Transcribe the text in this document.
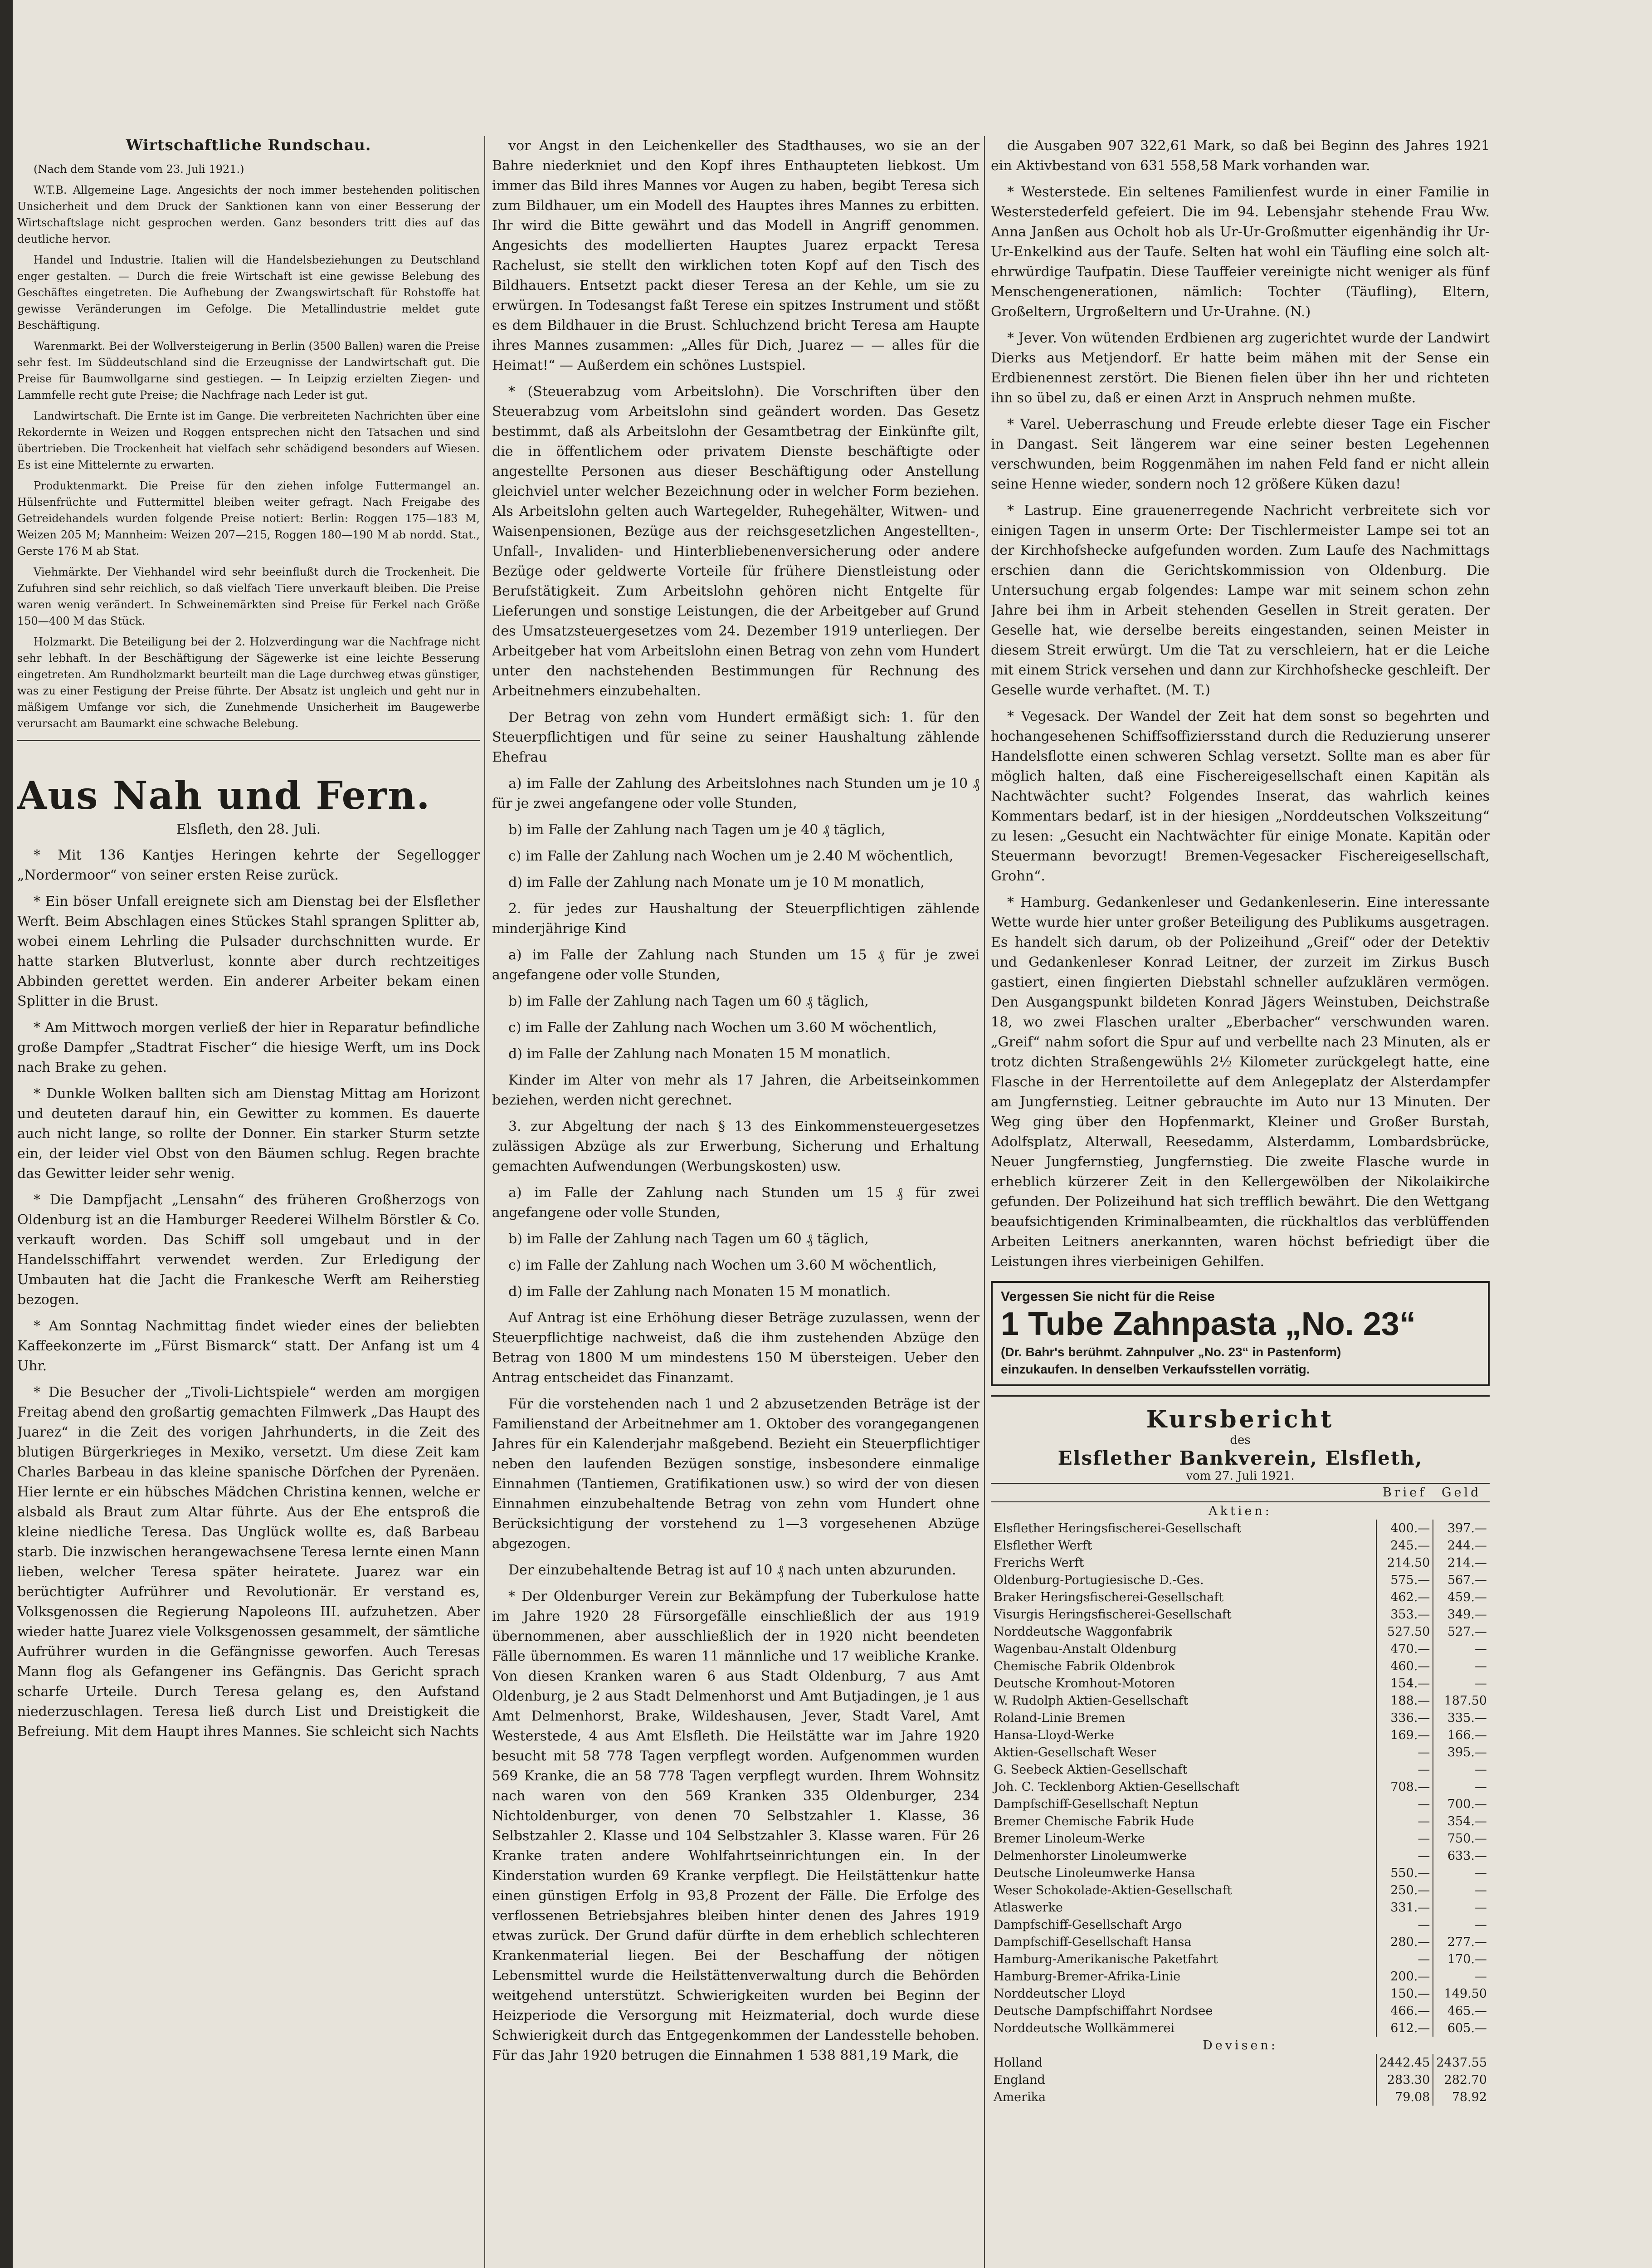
Wirtschaftliche Rundschau.

(Nach dem Stande vom 23. Juli 1921.)

W.T.B. Allgemeine Lage. Angesichts der noch immer bestehenden politischen Unsicherheit und dem Druck der Sanktionen kann von einer Besserung der Wirtschaftslage nicht gesprochen werden. Ganz besonders tritt dies auf das deutliche hervor.

Handel und Industrie. Italien will die Handelsbeziehungen zu Deutschland enger gestalten. — Durch die freie Wirtschaft ist eine gewisse Belebung des Geschäftes eingetreten. Die Aufhebung der Zwangswirtschaft für Rohstoffe hat gewisse Veränderungen im Gefolge. Die Metallindustrie meldet gute Beschäftigung.

Warenmarkt. Bei der Wollversteigerung in Berlin (3500 Ballen) waren die Preise sehr fest. Im Süddeutschland sind die Erzeugnisse der Landwirtschaft gut. Die Preise für Baumwollgarne sind gestiegen. — In Leipzig erzielten Ziegen- und Lammfelle recht gute Preise; die Nachfrage nach Leder ist gut.

Landwirtschaft. Die Ernte ist im Gange. Die verbreiteten Nachrichten über eine Rekordernte in Weizen und Roggen entsprechen nicht den Tatsachen und sind übertrieben. Die Trockenheit hat vielfach sehr schädigend besonders auf Wiesen. Es ist eine Mittelernte zu erwarten.

Produktenmarkt. Die Preise für den ziehen infolge Futtermangel an. Hülsenfrüchte und Futtermittel bleiben weiter gefragt. Nach Freigabe des Getreidehandels wurden folgende Preise notiert: Berlin: Roggen 175—183 M, Weizen 205 M; Mannheim: Weizen 207—215, Roggen 180—190 M ab nordd. Stat., Gerste 176 M ab Stat.

Viehmärkte. Der Viehhandel wird sehr beeinflußt durch die Trockenheit. Die Zufuhren sind sehr reichlich, so daß vielfach Tiere unverkauft bleiben. Die Preise waren wenig verändert. In Schweinemärkten sind Preise für Ferkel nach Größe 150—400 M das Stück.

Holzmarkt. Die Beteiligung bei der 2. Holzverdingung war die Nachfrage nicht sehr lebhaft. In der Beschäftigung der Sägewerke ist eine leichte Besserung eingetreten. Am Rundholzmarkt beurteilt man die Lage durchweg etwas günstiger, was zu einer Festigung der Preise führte. Der Absatz ist ungleich und geht nur in mäßigem Umfange vor sich, die Zunehmende Unsicherheit im Baugewerbe verursacht am Baumarkt eine schwache Belebung.

Aus Nah und Fern.
Elsfleth, den 28. Juli.

* Mit 136 Kantjes Heringen kehrte der Segellogger „Nordermoor“ von seiner ersten Reise zurück.

* Ein böser Unfall ereignete sich am Dienstag bei der Elsflether Werft. Beim Abschlagen eines Stückes Stahl sprangen Splitter ab, wobei einem Lehrling die Pulsader durchschnitten wurde. Er hatte starken Blutverlust, konnte aber durch rechtzeitiges Abbinden gerettet werden. Ein anderer Arbeiter bekam einen Splitter in die Brust.

* Am Mittwoch morgen verließ der hier in Reparatur befindliche große Dampfer „Stadtrat Fischer“ die hiesige Werft, um ins Dock nach Brake zu gehen.

* Dunkle Wolken ballten sich am Dienstag Mittag am Horizont und deuteten darauf hin, ein Gewitter zu kommen. Es dauerte auch nicht lange, so rollte der Donner. Ein starker Sturm setzte ein, der leider viel Obst von den Bäumen schlug. Regen brachte das Gewitter leider sehr wenig.

* Die Dampfjacht „Lensahn“ des früheren Großherzogs von Oldenburg ist an die Hamburger Reederei Wilhelm Börstler & Co. verkauft worden. Das Schiff soll umgebaut und in der Handelsschiffahrt verwendet werden. Zur Erledigung der Umbauten hat die Jacht die Frankesche Werft am Reiherstieg bezogen.

* Am Sonntag Nachmittag findet wieder eines der beliebten Kaffeekonzerte im „Fürst Bismarck“ statt. Der Anfang ist um 4 Uhr.

* Die Besucher der „Tivoli-Lichtspiele“ werden am morgigen Freitag abend den großartig gemachten Filmwerk „Das Haupt des Juarez“ in die Zeit des vorigen Jahrhunderts, in die Zeit des blutigen Bürgerkrieges in Mexiko, versetzt. Um diese Zeit kam Charles Barbeau in das kleine spanische Dörfchen der Pyrenäen. Hier lernte er ein hübsches Mädchen Christina kennen, welche er alsbald als Braut zum Altar führte. Aus der Ehe entsproß die kleine niedliche Teresa. Das Unglück wollte es, daß Barbeau starb. Die inzwischen herangewachsene Teresa lernte einen Mann lieben, welcher Teresa später heiratete. Juarez war ein berüchtigter Aufrührer und Revolutionär. Er verstand es, Volksgenossen die Regierung Napoleons III. aufzuhetzen. Aber wieder hatte Juarez viele Volksgenossen gesammelt, der sämtliche Aufrührer wurden in die Gefängnisse geworfen. Auch Teresas Mann flog als Gefangener ins Gefängnis. Das Gericht sprach scharfe Urteile. Durch Teresa gelang es, den Aufstand niederzuschlagen. Teresa ließ durch List und Dreistigkeit die Befreiung. Mit dem Haupt ihres Mannes. Sie schleicht sich Nachts

vor Angst in den Leichenkeller des Stadthauses, wo sie an der Bahre niederkniet und den Kopf ihres Enthaupteten liebkost. Um immer das Bild ihres Mannes vor Augen zu haben, begibt Teresa sich zum Bildhauer, um ein Modell des Hauptes ihres Mannes zu erbitten. Ihr wird die Bitte gewährt und das Modell in Angriff genommen. Angesichts des modellierten Hauptes Juarez erpackt Teresa Rachelust, sie stellt den wirklichen toten Kopf auf den Tisch des Bildhauers. Entsetzt packt dieser Teresa an der Kehle, um sie zu erwürgen. In Todesangst faßt Terese ein spitzes Instrument und stößt es dem Bildhauer in die Brust. Schluchzend bricht Teresa am Haupte ihres Mannes zusammen: „Alles für Dich, Juarez — — alles für die Heimat!“ — Außerdem ein schönes Lustspiel.

* (Steuerabzug vom Arbeitslohn). Die Vorschriften über den Steuerabzug vom Arbeitslohn sind geändert worden. Das Gesetz bestimmt, daß als Arbeitslohn der Gesamtbetrag der Einkünfte gilt, die in öffentlichem oder privatem Dienste beschäftigte oder angestellte Personen aus dieser Beschäftigung oder Anstellung gleichviel unter welcher Bezeichnung oder in welcher Form beziehen. Als Arbeitslohn gelten auch Wartegelder, Ruhegehälter, Witwen- und Waisenpensionen, Bezüge aus der reichsgesetzlichen Angestellten-, Unfall-, Invaliden- und Hinterbliebenenversicherung oder andere Bezüge oder geldwerte Vorteile für frühere Dienstleistung oder Berufstätigkeit. Zum Arbeitslohn gehören nicht Entgelte für Lieferungen und sonstige Leistungen, die der Arbeitgeber auf Grund des Umsatzsteuergesetzes vom 24. Dezember 1919 unterliegen. Der Arbeitgeber hat vom Arbeitslohn einen Betrag von zehn vom Hundert unter den nachstehenden Bestimmungen für Rechnung des Arbeitnehmers einzubehalten.

Der Betrag von zehn vom Hundert ermäßigt sich: 1. für den Steuerpflichtigen und für seine zu seiner Haushaltung zählende Ehefrau

a) im Falle der Zahlung des Arbeitslohnes nach Stunden um je 10 ₰ für je zwei angefangene oder volle Stunden,

b) im Falle der Zahlung nach Tagen um je 40 ₰ täglich,

c) im Falle der Zahlung nach Wochen um je 2.40 M wöchentlich,

d) im Falle der Zahlung nach Monate um je 10 M monatlich,

2. für jedes zur Haushaltung der Steuerpflichtigen zählende minderjährige Kind

a) im Falle der Zahlung nach Stunden um 15 ₰ für je zwei angefangene oder volle Stunden,

b) im Falle der Zahlung nach Tagen um 60 ₰ täglich,

c) im Falle der Zahlung nach Wochen um 3.60 M wöchentlich,

d) im Falle der Zahlung nach Monaten 15 M monatlich.

Kinder im Alter von mehr als 17 Jahren, die Arbeitseinkommen beziehen, werden nicht gerechnet.

3. zur Abgeltung der nach § 13 des Einkommensteuergesetzes zulässigen Abzüge als zur Erwerbung, Sicherung und Erhaltung gemachten Aufwendungen (Werbungskosten) usw.

a) im Falle der Zahlung nach Stunden um 15 ₰ für zwei angefangene oder volle Stunden,

b) im Falle der Zahlung nach Tagen um 60 ₰ täglich,

c) im Falle der Zahlung nach Wochen um 3.60 M wöchentlich,

d) im Falle der Zahlung nach Monaten 15 M monatlich.

Auf Antrag ist eine Erhöhung dieser Beträge zuzulassen, wenn der Steuerpflichtige nachweist, daß die ihm zustehenden Abzüge den Betrag von 1800 M um mindestens 150 M übersteigen. Ueber den Antrag entscheidet das Finanzamt.

Für die vorstehenden nach 1 und 2 abzusetzenden Beträge ist der Familienstand der Arbeitnehmer am 1. Oktober des vorangegangenen Jahres für ein Kalenderjahr maßgebend. Bezieht ein Steuerpflichtiger neben den laufenden Bezügen sonstige, insbesondere einmalige Einnahmen (Tantiemen, Gratifikationen usw.) so wird der von diesen Einnahmen einzubehaltende Betrag von zehn vom Hundert ohne Berücksichtigung der vorstehend zu 1—3 vorgesehenen Abzüge abgezogen.

Der einzubehaltende Betrag ist auf 10 ₰ nach unten abzurunden.

* Der Oldenburger Verein zur Bekämpfung der Tuberkulose hatte im Jahre 1920 28 Fürsorgefälle einschließlich der aus 1919 übernommenen, aber ausschließlich der in 1920 nicht beendeten Fälle übernommen. Es waren 11 männliche und 17 weibliche Kranke. Von diesen Kranken waren 6 aus Stadt Oldenburg, 7 aus Amt Oldenburg, je 2 aus Stadt Delmenhorst und Amt Butjadingen, je 1 aus Amt Delmenhorst, Brake, Wildeshausen, Jever, Stadt Varel, Amt Westerstede, 4 aus Amt Elsfleth. Die Heilstätte war im Jahre 1920 besucht mit 58 778 Tagen verpflegt worden. Aufgenommen wurden 569 Kranke, die an 58 778 Tagen verpflegt wurden. Ihrem Wohnsitz nach waren von den 569 Kranken 335 Oldenburger, 234 Nichtoldenburger, von denen 70 Selbstzahler 1. Klasse, 36 Selbstzahler 2. Klasse und 104 Selbstzahler 3. Klasse waren. Für 26 Kranke traten andere Wohlfahrtseinrichtungen ein. In der Kinderstation wurden 69 Kranke verpflegt. Die Heilstättenkur hatte einen günstigen Erfolg in 93,8 Prozent der Fälle. Die Erfolge des verflossenen Betriebsjahres bleiben hinter denen des Jahres 1919 etwas zurück. Der Grund dafür dürfte in dem erheblich schlechteren Krankenmaterial liegen. Bei der Beschaffung der nötigen Lebensmittel wurde die Heilstättenverwaltung durch die Behörden weitgehend unterstützt. Schwierigkeiten wurden bei Beginn der Heizperiode die Versorgung mit Heizmaterial, doch wurde diese Schwierigkeit durch das Entgegenkommen der Landesstelle behoben. Für das Jahr 1920 betrugen die Einnahmen 1 538 881,19 Mark, die

die Ausgaben 907 322,61 Mark, so daß bei Beginn des Jahres 1921 ein Aktivbestand von 631 558,58 Mark vorhanden war.

* Westerstede. Ein seltenes Familienfest wurde in einer Familie in Westerstederfeld gefeiert. Die im 94. Lebensjahr stehende Frau Ww. Anna Janßen aus Ocholt hob als Ur-Ur-Großmutter eigenhändig ihr Ur-Ur-Enkelkind aus der Taufe. Selten hat wohl ein Täufling eine solch alt-ehrwürdige Taufpatin. Diese Tauffeier vereinigte nicht weniger als fünf Menschengenerationen, nämlich: Tochter (Täufling), Eltern, Großeltern, Urgroßeltern und Ur-Urahne. (N.)

* Jever. Von wütenden Erdbienen arg zugerichtet wurde der Landwirt Dierks aus Metjendorf. Er hatte beim mähen mit der Sense ein Erdbienennest zerstört. Die Bienen fielen über ihn her und richteten ihn so übel zu, daß er einen Arzt in Anspruch nehmen mußte.

* Varel. Ueberraschung und Freude erlebte dieser Tage ein Fischer in Dangast. Seit längerem war eine seiner besten Legehennen verschwunden, beim Roggenmähen im nahen Feld fand er nicht allein seine Henne wieder, sondern noch 12 größere Küken dazu!

* Lastrup. Eine grauenerregende Nachricht verbreitete sich vor einigen Tagen in unserm Orte: Der Tischlermeister Lampe sei tot an der Kirchhofshecke aufgefunden worden. Zum Laufe des Nachmittags erschien dann die Gerichtskommission von Oldenburg. Die Untersuchung ergab folgendes: Lampe war mit seinem schon zehn Jahre bei ihm in Arbeit stehenden Gesellen in Streit geraten. Der Geselle hat, wie derselbe bereits eingestanden, seinen Meister in diesem Streit erwürgt. Um die Tat zu verschleiern, hat er die Leiche mit einem Strick versehen und dann zur Kirchhofshecke geschleift. Der Geselle wurde verhaftet. (M. T.)

* Vegesack. Der Wandel der Zeit hat dem sonst so begehrten und hochangesehenen Schiffsoffiziersstand durch die Reduzierung unserer Handelsflotte einen schweren Schlag versetzt. Sollte man es aber für möglich halten, daß eine Fischereigesellschaft einen Kapitän als Nachtwächter sucht? Folgendes Inserat, das wahrlich keines Kommentars bedarf, ist in der hiesigen „Norddeutschen Volkszeitung“ zu lesen: „Gesucht ein Nachtwächter für einige Monate. Kapitän oder Steuermann bevorzugt! Bremen-Vegesacker Fischereigesellschaft, Grohn“.

* Hamburg. Gedankenleser und Gedankenleserin. Eine interessante Wette wurde hier unter großer Beteiligung des Publikums ausgetragen. Es handelt sich darum, ob der Polizeihund „Greif“ oder der Detektiv und Gedankenleser Konrad Leitner, der zurzeit im Zirkus Busch gastiert, einen fingierten Diebstahl schneller aufzuklären vermögen. Den Ausgangspunkt bildeten Konrad Jägers Weinstuben, Deichstraße 18, wo zwei Flaschen uralter „Eberbacher“ verschwunden waren. „Greif“ nahm sofort die Spur auf und verbellte nach 23 Minuten, als er trotz dichten Straßengewühls 2½ Kilometer zurückgelegt hatte, eine Flasche in der Herrentoilette auf dem Anlegeplatz der Alsterdampfer am Jungfernstieg. Leitner gebrauchte im Auto nur 13 Minuten. Der Weg ging über den Hopfenmarkt, Kleiner und Großer Burstah, Adolfsplatz, Alterwall, Reesedamm, Alsterdamm, Lombardsbrücke, Neuer Jungfernstieg, Jungfernstieg. Die zweite Flasche wurde in erheblich kürzerer Zeit in den Kellergewölben der Nikolaikirche gefunden. Der Polizeihund hat sich trefflich bewährt. Die den Wettgang beaufsichtigenden Kriminalbeamten, die rückhaltlos das verblüffenden Arbeiten Leitners anerkannten, waren höchst befriedigt über die Leistungen ihres vierbeinigen Gehilfen.

Vergessen Sie nicht für die Reise
1 Tube Zahnpasta „No. 23“
(Dr. Bahr's berühmt. Zahnpulver „No. 23“ in Pastenform)
einzukaufen. In denselben Verkaufsstellen vorrätig.
Kursbericht
des
Elsflether Bankverein, Elsfleth,
vom 27. Juli 1921.
	Brief	Geld
Aktien:		
Elsflether Heringsfischerei-Gesellschaft	400.—	397.—
Elsflether Werft	245.—	244.—
Frerichs Werft	214.50	214.—
Oldenburg-Portugiesische D.-Ges.	575.—	567.—
Braker Heringsfischerei-Gesellschaft	462.—	459.—
Visurgis Heringsfischerei-Gesellschaft	353.—	349.—
Norddeutsche Waggonfabrik	527.50	527.—
Wagenbau-Anstalt Oldenburg	470.—	—
Chemische Fabrik Oldenbrok	460.—	—
Deutsche Kromhout-Motoren	154.—	—
W. Rudolph Aktien-Gesellschaft	188.—	187.50
Roland-Linie Bremen	336.—	335.—
Hansa-Lloyd-Werke	169.—	166.—
Aktien-Gesellschaft Weser	—	395.—
G. Seebeck Aktien-Gesellschaft	—	—
Joh. C. Tecklenborg Aktien-Gesellschaft	708.—	—
Dampfschiff-Gesellschaft Neptun	—	700.—
Bremer Chemische Fabrik Hude	—	354.—
Bremer Linoleum-Werke	—	750.—
Delmenhorster Linoleumwerke	—	633.—
Deutsche Linoleumwerke Hansa	550.—	—
Weser Schokolade-Aktien-Gesellschaft	250.—	—
Atlaswerke	331.—	—
Dampfschiff-Gesellschaft Argo	—	—
Dampfschiff-Gesellschaft Hansa	280.—	277.—
Hamburg-Amerikanische Paketfahrt	—	170.—
Hamburg-Bremer-Afrika-Linie	200.—	—
Norddeutscher Lloyd	150.—	149.50
Deutsche Dampfschiffahrt Nordsee	466.—	465.—
Norddeutsche Wollkämmerei	612.—	605.—
Devisen:		
Holland	2442.45	2437.55
England	283.30	282.70
Amerika	79.08	78.92
